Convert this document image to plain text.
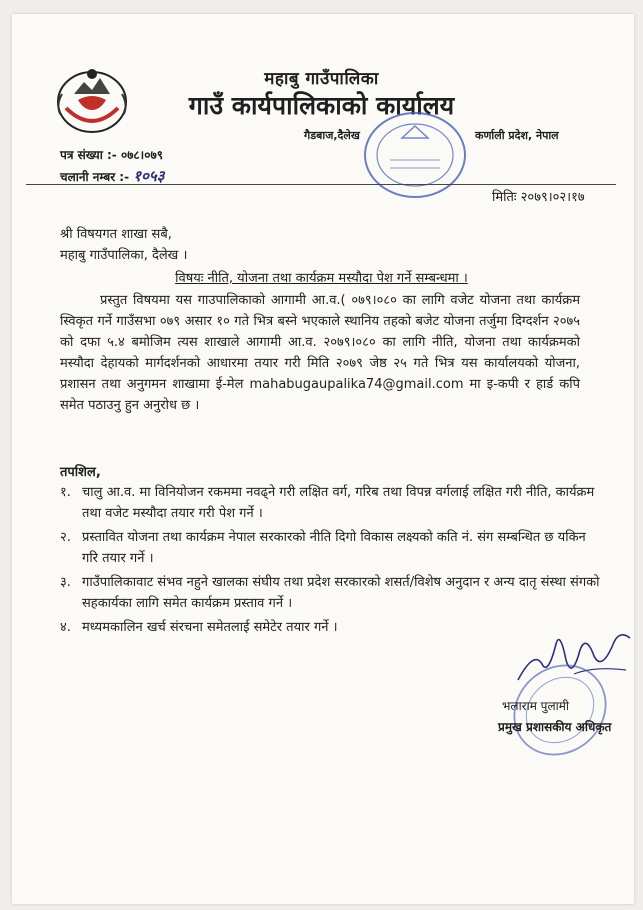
महाबु गाउँपालिका
गाउँ कार्यपालिकाको कार्यालय
गैडबाज,दैलेख	कर्णाली प्रदेश, नेपाल
पत्र संख्या :- ०७८।०७९
चलानी नम्बर :- १०५३
मितिः २०७९।०२।१७
श्री विषयगत शाखा सबै,
महाबु गाउँपालिका, दैलेख ।
विषयः नीति, योजना तथा कार्यक्रम मस्यौदा पेश गर्ने सम्बन्धमा ।
प्रस्तुत विषयमा यस गाउपालिकाको आगामी आ.व.( ०७९।०८० का लागि वजेट योजना तथा कार्यक्रम स्विकृत गर्ने गाउँसभा ०७९ असार १० गते भित्र बस्ने भएकाले स्थानिय तहको बजेट योजना तर्जुमा दिग्दर्शन २०७५ को दफा ५.४ बमोजिम त्यस शाखाले आगामी आ.व. २०७९।०८० का लागि नीति, योजना तथा कार्यक्रमको मस्यौदा देहायको मार्गदर्शनको आधारमा तयार गरी मिति २०७९ जेष्ठ २५ गते भित्र यस कार्यालयको योजना, प्रशासन तथा अनुगमन शाखामा ई-मेल mahabugaupalika74@gmail.com मा इ-कपी र हार्ड कपि समेत पठाउनु हुन अनुरोध छ ।
तपशिल,
१. चालु आ.व. मा विनियोजन रकममा नवढ्ने गरी लक्षित वर्ग, गरिब तथा विपन्न वर्गलाई लक्षित गरी नीति, कार्यक्रम तथा वजेट मस्यौदा तयार गरी पेश गर्ने ।
२. प्रस्तावित योजना तथा कार्यक्रम नेपाल सरकारको नीति दिगो विकास लक्ष्यको कति नं. संग सम्बन्धित छ यकिन गरि तयार गर्ने ।
३. गाउँपालिकावाट संभव नहुने खालका संघीय तथा प्रदेश सरकारको शसर्त/विशेष अनुदान र अन्य दातृ संस्था संगको सहकार्यका लागि समेत कार्यक्रम प्रस्ताव गर्ने ।
४. मध्यमकालिन खर्च संरचना समेतलाई समेटेर तयार गर्ने ।
भलाराम पुलामी
प्रमुख प्रशासकीय अधिकृत
